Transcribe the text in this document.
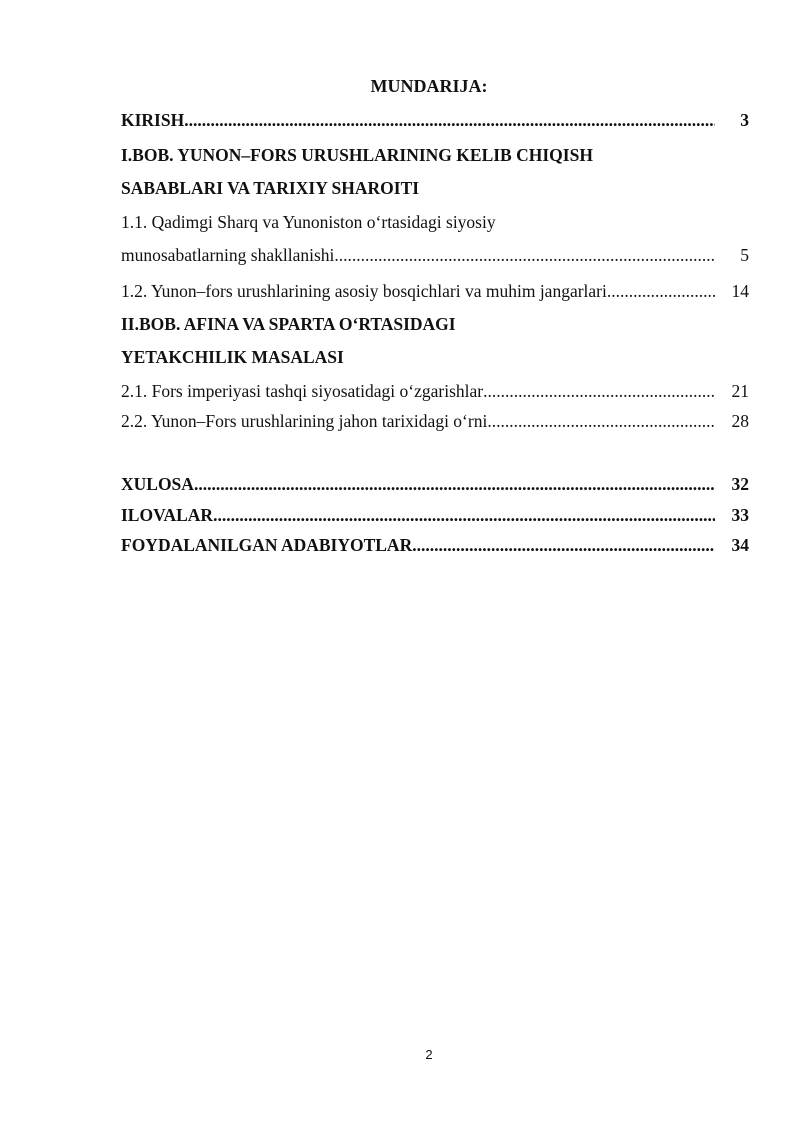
MUNDARIJA:
KIRISH .....	3
I.BOB. YUNON–FORS URUSHLARINING KELIB CHIQISH
SABABLARI VA TARIXIY SHAROITI
1.1. Qadimgi Sharq va Yunoniston o‘rtasidagi siyosiy
munosabatlarning shakllanishi .....	5
1.2. Yunon–fors urushlarining asosiy bosqichlari va muhim jangarlari .....	14
II.BOB. AFINA VA SPARTA O‘RTASIDAGI
YETAKCHILIK MASALASI
2.1. Fors imperiyasi tashqi siyosatidagi o‘zgarishlar .....	21
2.2. Yunon–Fors urushlarining jahon tarixidagi o‘rni .....	28
XULOSA .....	32
ILOVALAR .....	33
FOYDALANILGAN ADABIYOTLAR .....	34
2
